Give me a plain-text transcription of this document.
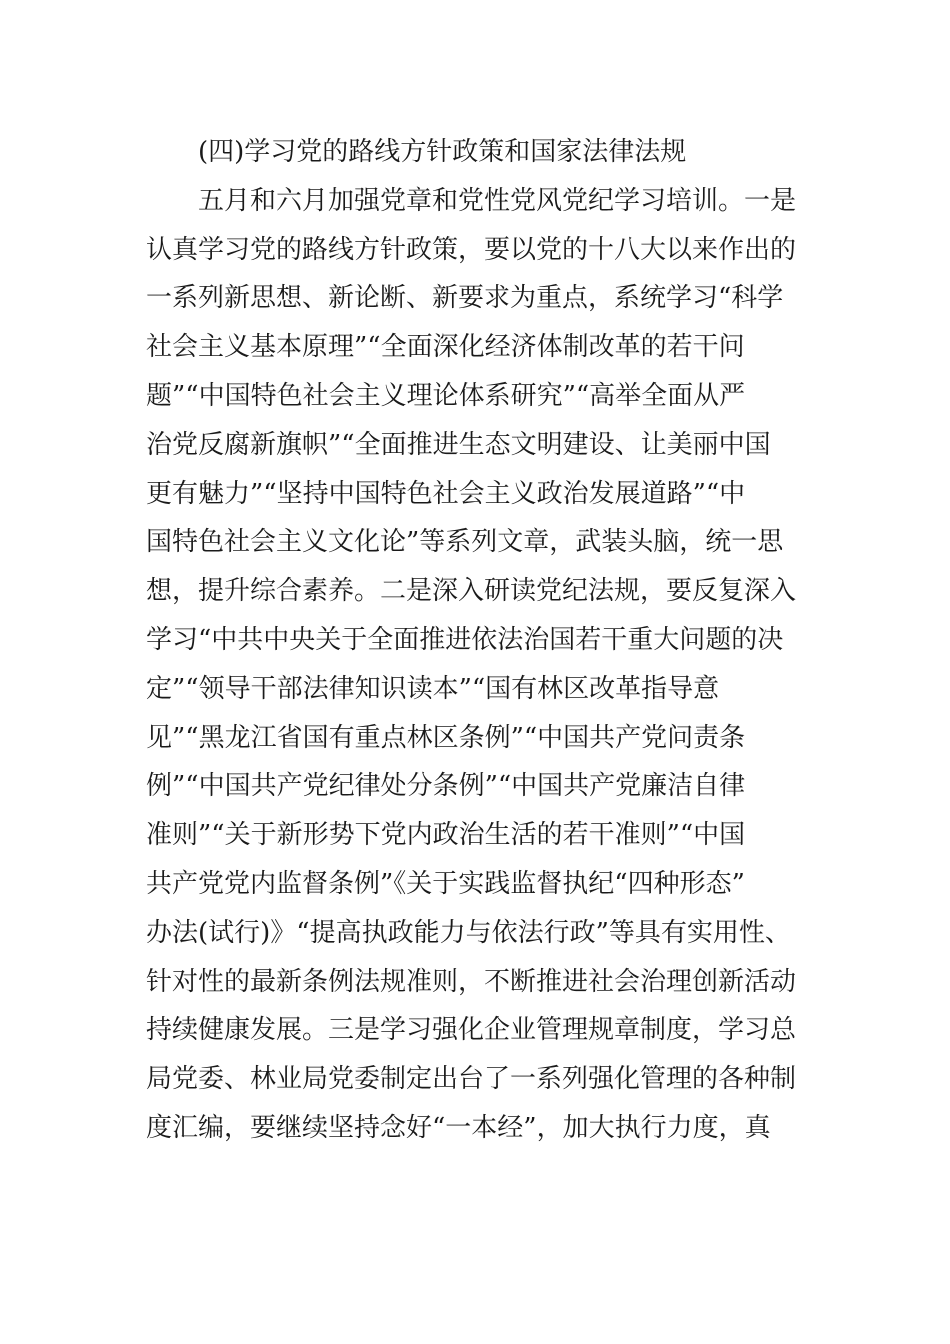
(四)学习党的路线方针政策和国家法律法规
五月和六月加强党章和党性党风党纪学习培训。一是
认真学习党的路线方针政策，要以党的十八大以来作出的
一系列新思想、新论断、新要求为重点，系统学习“科学
社会主义基本原理”“全面深化经济体制改革的若干问
题”“中国特色社会主义理论体系研究”“高举全面从严
治党反腐新旗帜”“全面推进生态文明建设、让美丽中国
更有魅力”“坚持中国特色社会主义政治发展道路”“中
国特色社会主义文化论”等系列文章，武装头脑，统一思
想，提升综合素养。二是深入研读党纪法规，要反复深入
学习“中共中央关于全面推进依法治国若干重大问题的决
定”“领导干部法律知识读本”“国有林区改革指导意
见”“黑龙江省国有重点林区条例”“中国共产党问责条
例”“中国共产党纪律处分条例”“中国共产党廉洁自律
准则”“关于新形势下党内政治生活的若干准则”“中国
共产党党内监督条例”《关于实践监督执纪“四种形态”
办法(试行)》“提高执政能力与依法行政”等具有实用性、
针对性的最新条例法规准则，不断推进社会治理创新活动
持续健康发展。三是学习强化企业管理规章制度，学习总
局党委、林业局党委制定出台了一系列强化管理的各种制
度汇编，要继续坚持念好“一本经”，加大执行力度，真
